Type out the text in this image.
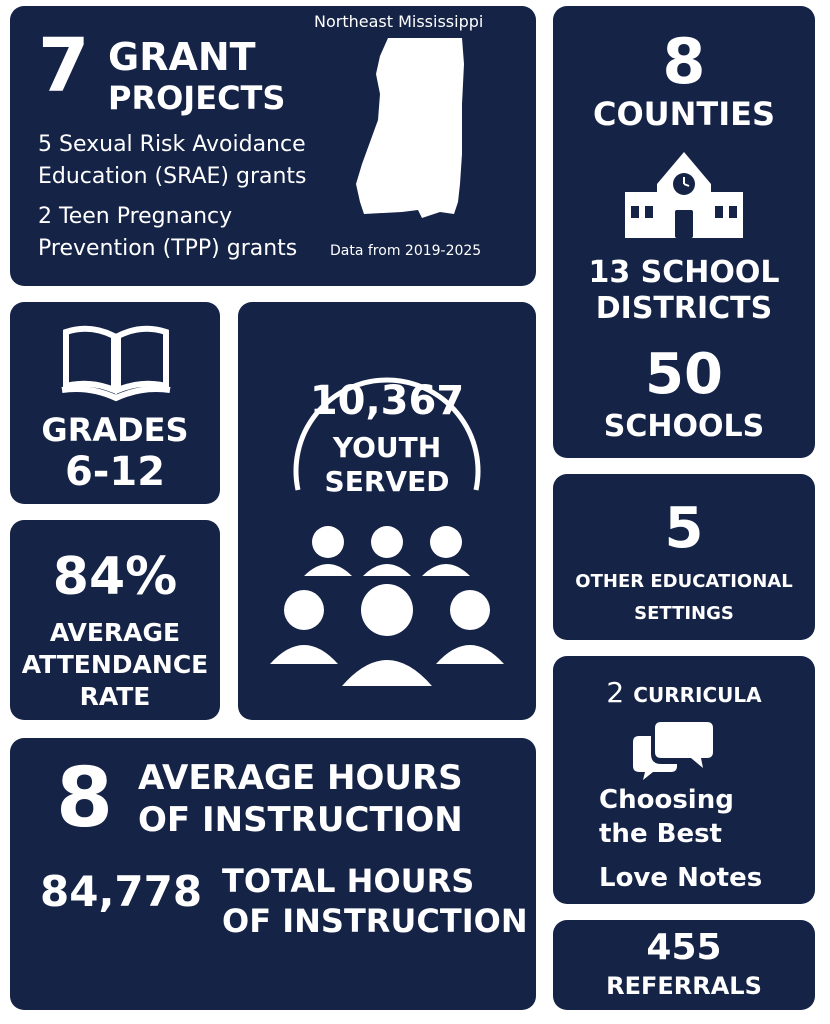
7 GRANT
PROJECTS
5 Sexual Risk Avoidance
Education (SRAE) grants
2 Teen Pregnancy
Prevention (TPP) grants
Northeast Mississippi
Data from 2019-2025
8
COUNTIES
13 SCHOOL
DISTRICTS
50
SCHOOLS
GRADES
6-12
10,367
YOUTH
SERVED
84%
AVERAGE
ATTENDANCE
RATE
5
OTHER EDUCATIONAL
SETTINGS
8 AVERAGE HOURS
OF INSTRUCTION
84,778 TOTAL HOURS
OF INSTRUCTION
2 CURRICULA
Choosing
the Best
Love Notes
455
REFERRALS
